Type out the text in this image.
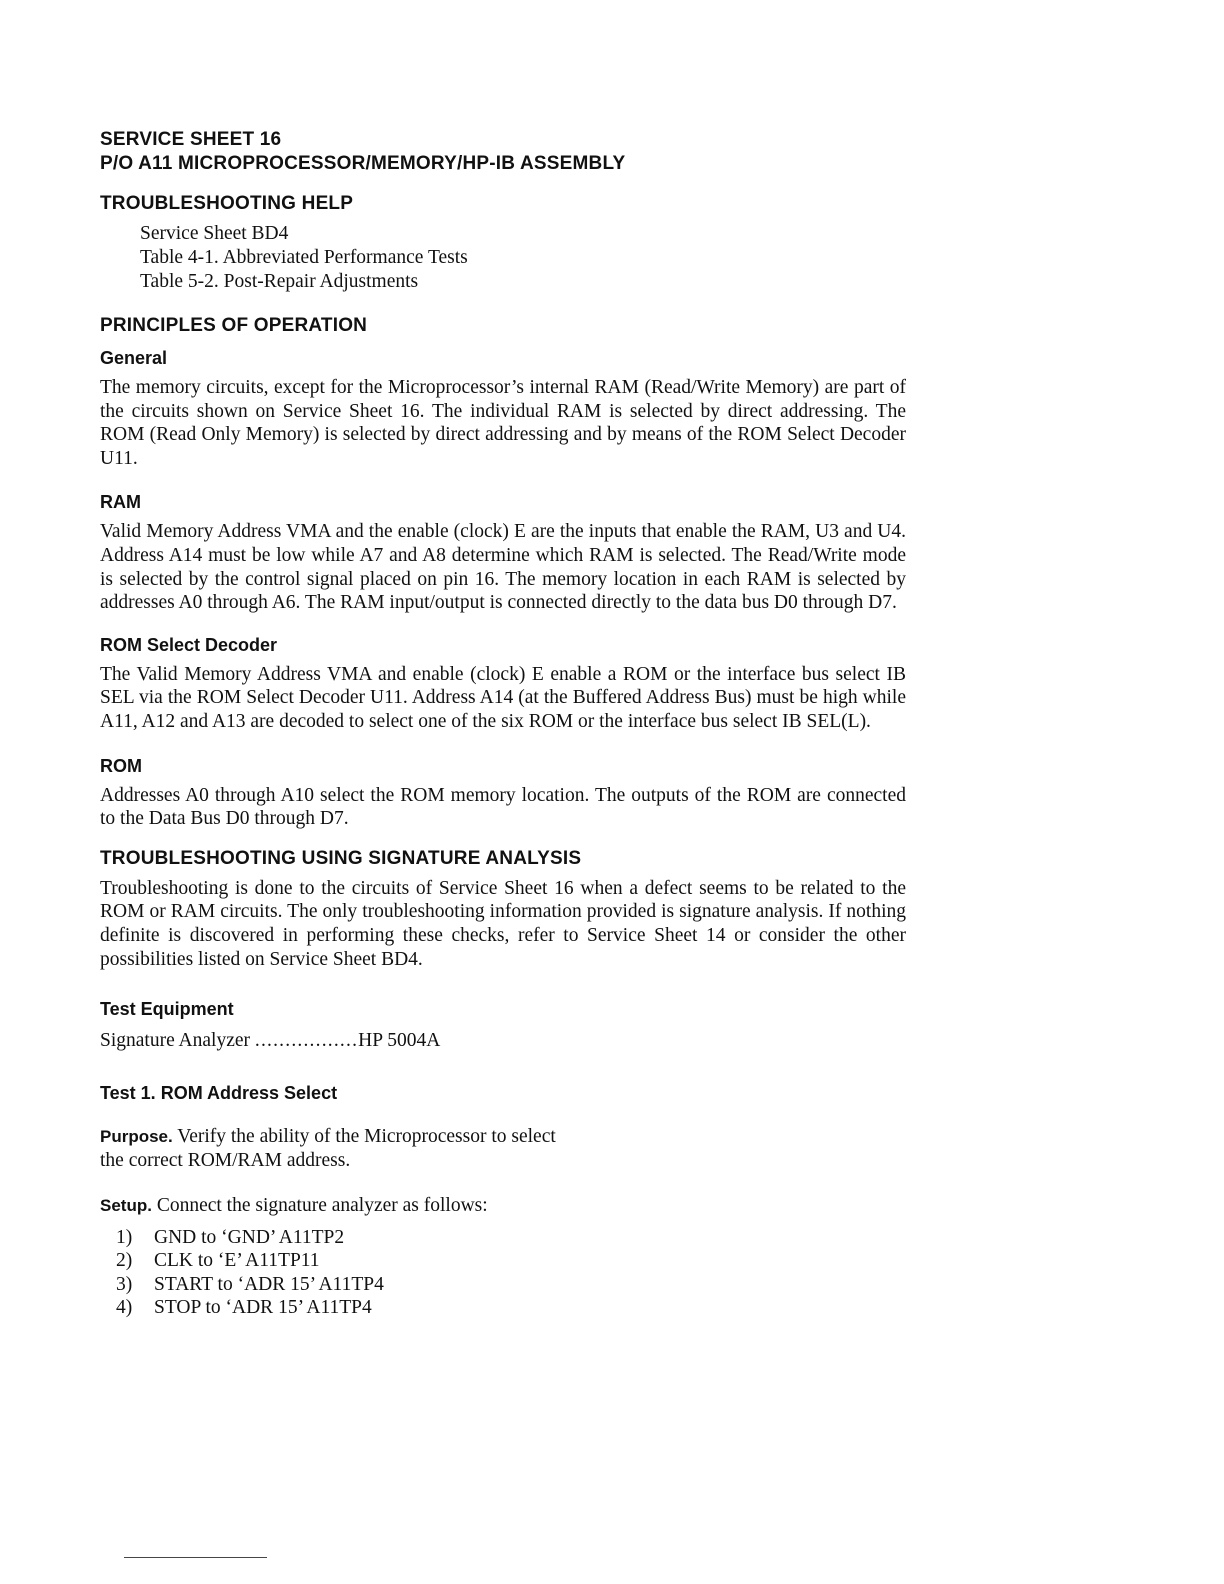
SERVICE SHEET 16
P/O A11 MICROPROCESSOR/MEMORY/HP-IB ASSEMBLY
TROUBLESHOOTING HELP
Service Sheet BD4
Table 4-1. Abbreviated Performance Tests
Table 5-2. Post-Repair Adjustments
PRINCIPLES OF OPERATION
General

The memory circuits, except for the Microprocessor’s internal RAM (Read/Write Memory) are part of the circuits shown on Service Sheet 16. The individual RAM is selected by direct addressing. The ROM (Read Only Memory) is selected by direct addressing and by means of the ROM Select Decoder U11.

RAM

Valid Memory Address VMA and the enable (clock) E are the inputs that enable the RAM, U3 and U4. Address A14 must be low while A7 and A8 determine which RAM is selected. The Read/Write mode is selected by the control signal placed on pin 16. The memory location in each RAM is selected by addresses A0 through A6. The RAM input/output is connected directly to the data bus D0 through D7.

ROM Select Decoder

The Valid Memory Address VMA and enable (clock) E enable a ROM or the interface bus select IB SEL via the ROM Select Decoder U11. Address A14 (at the Buffered Address Bus) must be high while A11, A12 and A13 are decoded to select one of the six ROM or the interface bus select IB SEL(L).

ROM

Addresses A0 through A10 select the ROM memory location. The outputs of the ROM are connected to the Data Bus D0 through D7.

TROUBLESHOOTING USING SIGNATURE ANALYSIS

Troubleshooting is done to the circuits of Service Sheet 16 when a defect seems to be related to the ROM or RAM circuits. The only troubleshooting information provided is signature analysis. If nothing definite is discovered in performing these checks, refer to Service Sheet 14 or consider the other possibilities listed on Service Sheet BD4.

Test Equipment
Signature Analyzer .................HP 5004A
Test 1. ROM Address Select

Purpose. Verify the ability of the Microprocessor to select the correct ROM/RAM address.

Setup. Connect the signature analyzer as follows:

1)	GND to ‘GND’ A11TP2
2)	CLK to ‘E’ A11TP11
3)	START to ‘ADR 15’ A11TP4
4)	STOP to ‘ADR 15’ A11TP4
